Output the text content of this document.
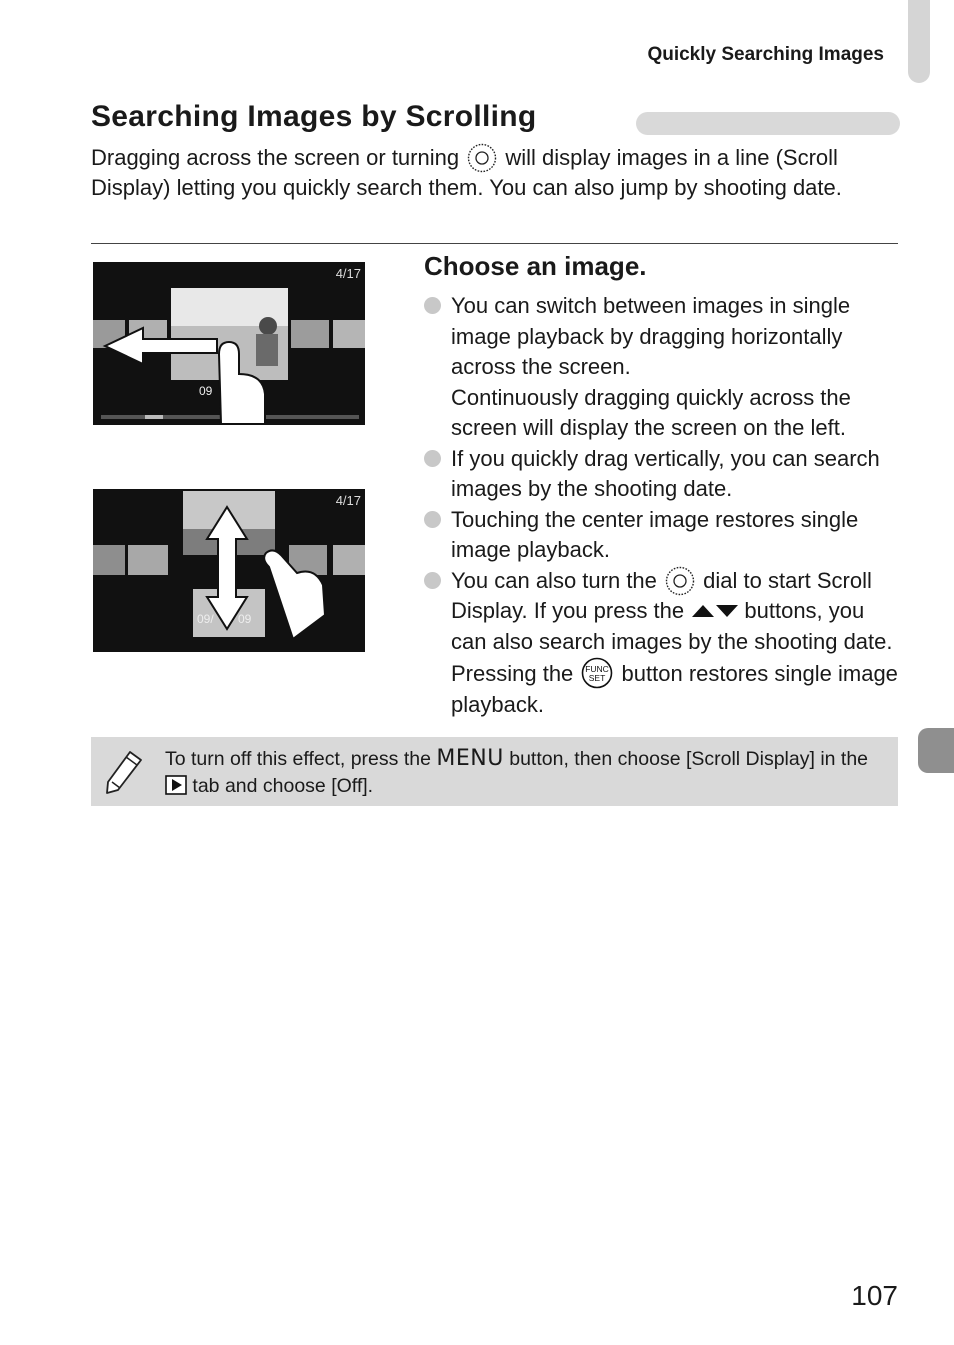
Quickly Searching Images
Searching Images by Scrolling
Dragging across the screen or turning will display images in a line (Scroll Display) letting you quickly search them. You can also jump by shooting date.
4/17
09
4/17
09/ 09
Choose an image.
You can switch between images in single image playback by dragging horizontally across the screen.
Continuously dragging quickly across the screen will display the screen on the left.
If you quickly drag vertically, you can search images by the shooting date.
Touching the center image restores single image playback.
You can also turn the dial to start Scroll Display. If you press the	buttons, you can also search images by the shooting date. Pressing the FUNC
SET button restores single image playback.
To turn off this effect, press the MENU button, then choose [Scroll Display] in the  tab and choose [Off].
107
